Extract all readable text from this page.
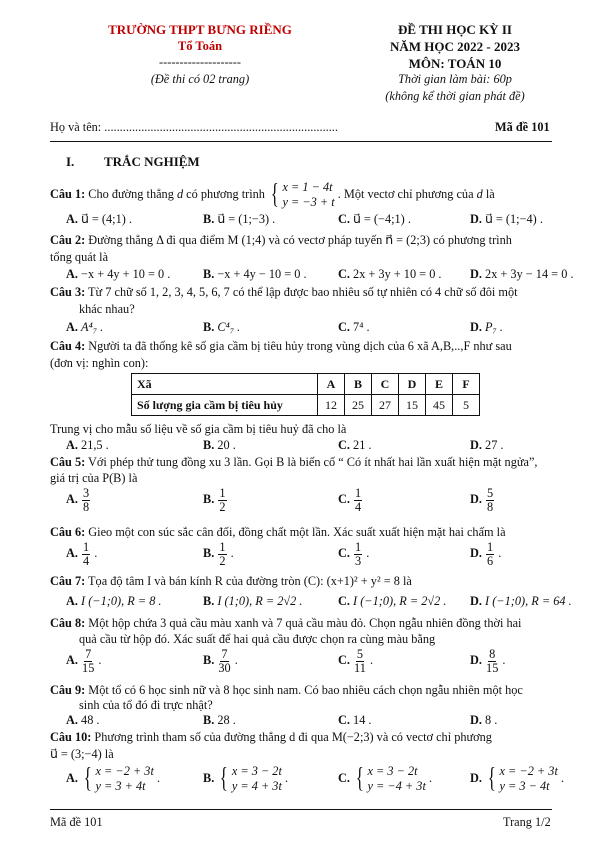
TRƯỜNG THPT BƯNG RIỀNG
Tổ Toán
--------------------
(Đề thi có 02 trang)
ĐỀ THI HỌC KỲ II
NĂM HỌC 2022 - 2023
MÔN: TOÁN 10
Thời gian làm bài: 60p
(không kể thời gian phát đề)
Họ và tên: ............................................................................	Mã đề 101
I. TRẮC NGHIỆM
Câu 1: Cho đường thẳng d có phương trình { x = 1 − 4t
y = −3 + t
. Một vectơ chỉ phương của d là
A. u⃗ = (4;1) .	B. u⃗ = (1;−3) .	C. u⃗ = (−4;1) .	D. u⃗ = (1;−4) .
Câu 2: Đường thẳng Δ đi qua điểm M (1;4) và có vectơ pháp tuyến n⃗ = (2;3) có phương trình
tổng quát là
A. −x + 4y + 10 = 0 .	B. −x + 4y − 10 = 0 .	C. 2x + 3y + 10 = 0 . D. 2x + 3y − 14 = 0 .
Câu 3: Từ 7 chữ số 1, 2, 3, 4, 5, 6, 7 có thể lập được bao nhiêu số tự nhiên có 4 chữ số đôi một
khác nhau?
A. A⁴₇ .	B. C⁴₇ .	C. 7⁴ .	D. P₇ .
Câu 4: Người ta đã thống kê số gia cầm bị tiêu hủy trong vùng dịch của 6 xã A,B,..,F như sau
(đơn vị: nghìn con):
Xã	A	B	C	D	E	F
Số lượng gia cầm bị tiêu hủy	12	25	27	15	45	5
Trung vị cho mẫu số liệu về số gia cầm bị tiêu huỷ đã cho là
A. 21,5 .	B. 20 .	C. 21 .	D. 27 .
Câu 5: Với phép thử tung đồng xu 3 lần. Gọi B là biến cố “ Có ít nhất hai lần xuất hiện mặt ngửa”,
giá trị của P(B) là
A. $\frac{3}{8}$	B. $\frac{1}{2}$	C. $\frac{1}{4}$	D. $\frac{5}{8}$
Câu 6: Gieo một con súc sắc cân đối, đồng chất một lần. Xác suất xuất hiện mặt hai chấm là
A. $\frac{1}{4}$ .	B. $\frac{1}{2}$ .	C. $\frac{1}{3}$ .	D. $\frac{1}{6}$ .
Câu 7: Tọa độ tâm I và bán kính R của đường tròn (C): (x+1)² + y² = 8 là
A. I (−1;0), R = 8 .	B. I (1;0), R = 2√2 .	C. I (−1;0), R = 2√2 . D. I (−1;0), R = 64 .
Câu 8: Một hộp chứa 3 quả cầu màu xanh và 7 quả cầu màu đỏ. Chọn ngẫu nhiên đồng thời hai
quả cầu từ hộp đó. Xác suất để hai quả cầu được chọn ra cùng màu bằng
A. $\frac{7}{15}$ .	B. $\frac{7}{30}$ .	C. $\frac{5}{11}$ .	D. $\frac{8}{15}$ .
Câu 9: Một tổ có 6 học sinh nữ và 8 học sinh nam. Có bao nhiêu cách chọn ngẫu nhiên một học
sinh của tổ đó đi trực nhật?
A. 48 .	B. 28 .	C. 14 .	D. 8 .
Câu 10: Phương trình tham số của đường thẳng d đi qua M(−2;3) và có vectơ chỉ phương
u⃗ = (3;−4) là
A. { x = −2 + 3t
y = 3 + 4t
.	B. { x = 3 − 2t
y = 4 + 3t
.	C. { x = 3 − 2t
y = −4 + 3t
.	D. { x = −2 + 3t
y = 3 − 4t
.
Mã đề 101	Trang 1/2
